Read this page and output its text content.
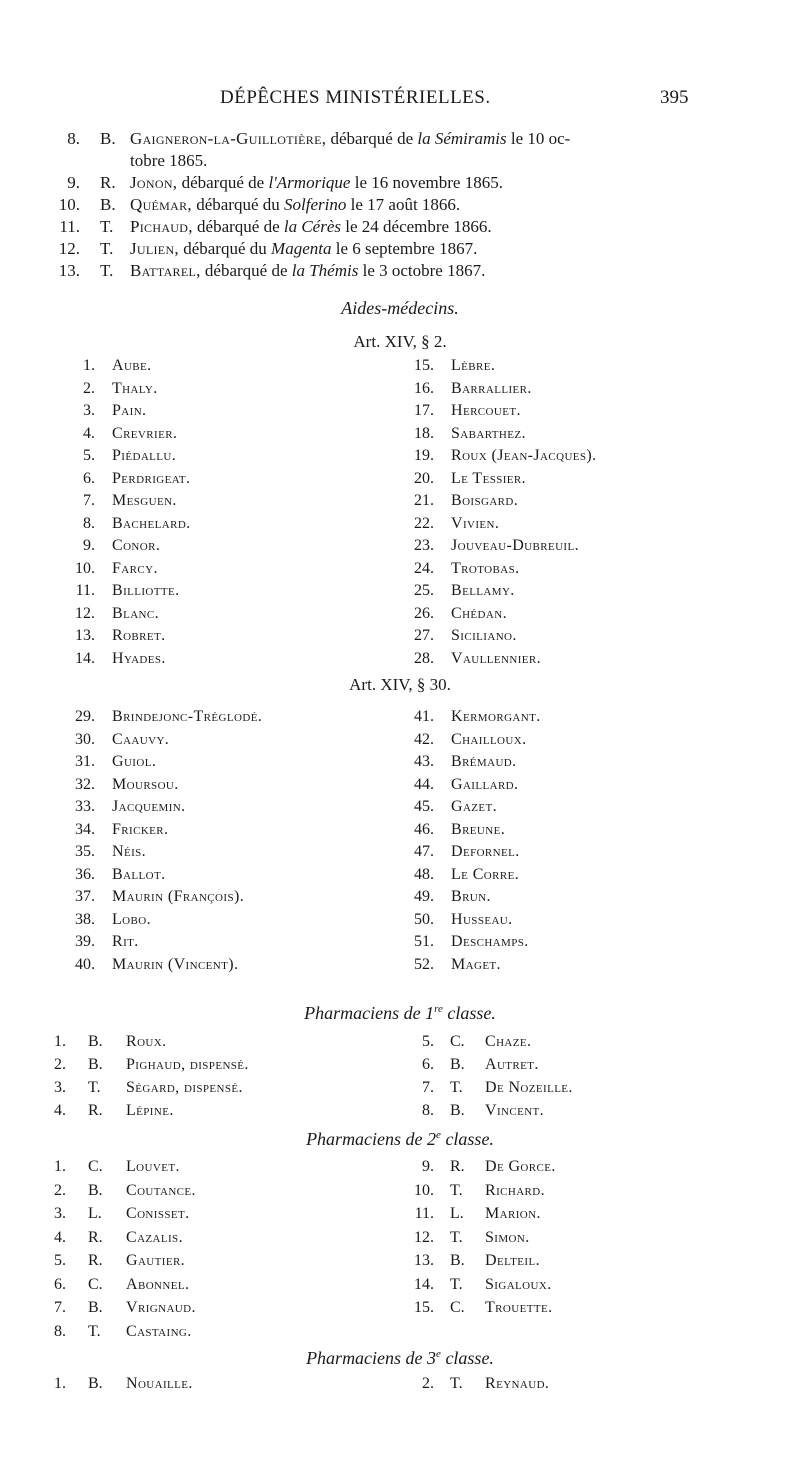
DÉPÊCHES MINISTÉRIELLES.	395
8. B. Gaigneron-la-Guillotière, débarqué de la Sémiramis le 10 oc-
tobre 1865.
9. R. Jonon, débarqué de l'Armorique le 16 novembre 1865.
10. B. Quémar, débarqué du Solferino le 17 août 1866.
11. T. Pichaud, débarqué de la Cérès le 24 décembre 1866.
12. T. Julien, débarqué du Magenta le 6 septembre 1867.
13. T. Battarel, débarqué de la Thémis le 3 octobre 1867.
Aides-médecins.
Art. XIV, § 2.
1. Aube.
2. Thaly.
3. Pain.
4. Crevrier.
5. Piédallu.
6. Perdrigeat.
7. Mesguen.
8. Bachelard.
9. Conor.
10. Farcy.
11. Billiotte.
12. Blanc.
13. Robret.
14. Hyades.
15. Lèbre.
16. Barrallier.
17. Hercouet.
18. Sabarthez.
19. Roux (Jean-Jacques).
20. Le Tessier.
21. Boisgard.
22. Vivien.
23. Jouveau-Dubreuil.
24. Trotobas.
25. Bellamy.
26. Chédan.
27. Siciliano.
28. Vaullennier.
Art. XIV, § 30.
29. Brindejonc-Tréglodé.
30. Caauvy.
31. Guiol.
32. Moursou.
33. Jacquemin.
34. Fricker.
35. Néis.
36. Ballot.
37. Maurin (François).
38. Lobo.
39. Rit.
40. Maurin (Vincent).
41. Kermorgant.
42. Chailloux.
43. Brémaud.
44. Gaillard.
45. Gazet.
46. Breune.
47. Defornel.
48. Le Corre.
49. Brun.
50. Husseau.
51. Deschamps.
52. Maget.
Pharmaciens de 1re classe.
1. B. Roux.
2. B. Pighaud, dispensé.
3. T. Ségard, dispensé.
4. R. Lépine.
5. C. Chaze.
6. B. Autret.
7. T. De Nozeille.
8. B. Vincent.
Pharmaciens de 2e classe.
1. C. Louvet.
2. B. Coutance.
3. L. Conisset.
4. R. Cazalis.
5. R. Gautier.
6. C. Abonnel.
7. B. Vrignaud.
8. T. Castaing.
9. R. De Gorce.
10. T. Richard.
11. L. Marion.
12. T. Simon.
13. B. Delteil.
14. T. Sigaloux.
15. C. Trouette.
Pharmaciens de 3e classe.
1. B. Nouaille.	2. T. Reynaud.
